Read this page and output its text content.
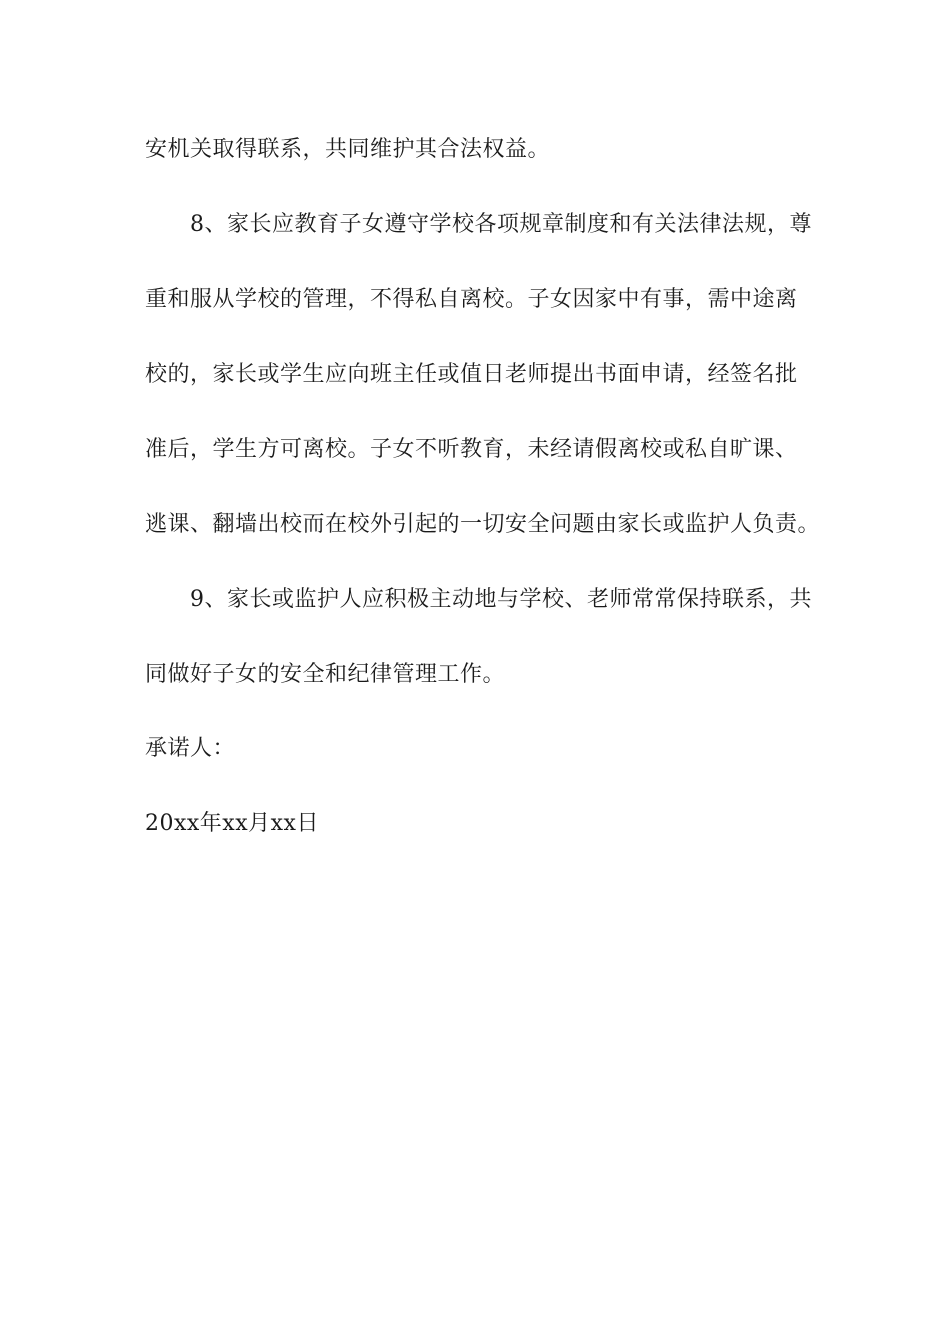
安机关取得联系，共同维护其合法权益。
8、家长应教育子女遵守学校各项规章制度和有关法律法规，尊
重和服从学校的管理，不得私自离校。子女因家中有事，需中途离
校的，家长或学生应向班主任或值日老师提出书面申请，经签名批
准后，学生方可离校。子女不听教育，未经请假离校或私自旷课、
逃课、翻墙出校而在校外引起的一切安全问题由家长或监护人负责。
9、家长或监护人应积极主动地与学校、老师常常保持联系，共
同做好子女的安全和纪律管理工作。
承诺人：
20xx年xx月xx日
